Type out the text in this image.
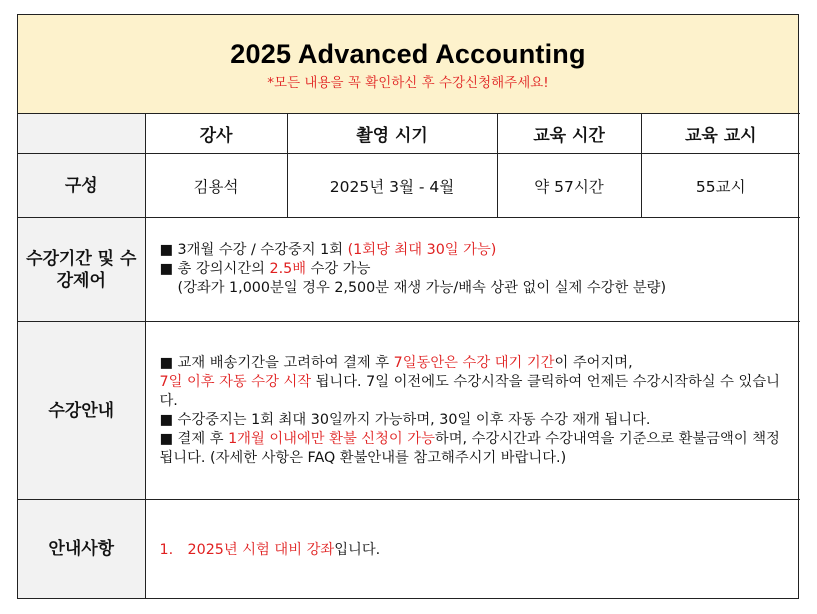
2025 Advanced Accounting
*모든 내용을 꼭 확인하신 후 수강신청해주세요!
	강사	촬영 시기	교육 시간	교육 교시
구성	김용석	2025년 3월 - 4월	약 57시간	55교시

수강기간 및 수강제어	■ 3개월 수강 / 수강중지 1회 (1회당 최대 30일 가능)
■ 총 강의시간의 2.5배 수강 가능
(강좌가 1,000분일 경우 2,500분 재생 가능/배속 상관 없이 실제 수강한 분량)			

수강안내	■ 교재 배송기간을 고려하여 결제 후 7일동안은 수강 대기 기간이 주어지며,
7일 이후 자동 수강 시작 됩니다. 7일 이전에도 수강시작을 클릭하여 언제든 수강시작하실 수 있습니다.
■ 수강중지는 1회 최대 30일까지 가능하며, 30일 이후 자동 수강 재개 됩니다.
■ 결제 후 1개월 이내에만 환불 신청이 가능하며, 수강시간과 수강내역을 기준으로 환불금액이 책정됩니다. (자세한 사항은 FAQ 환불안내를 참고해주시기 바랍니다.)			

안내사항	1. 2025년 시험 대비 강좌입니다.			
